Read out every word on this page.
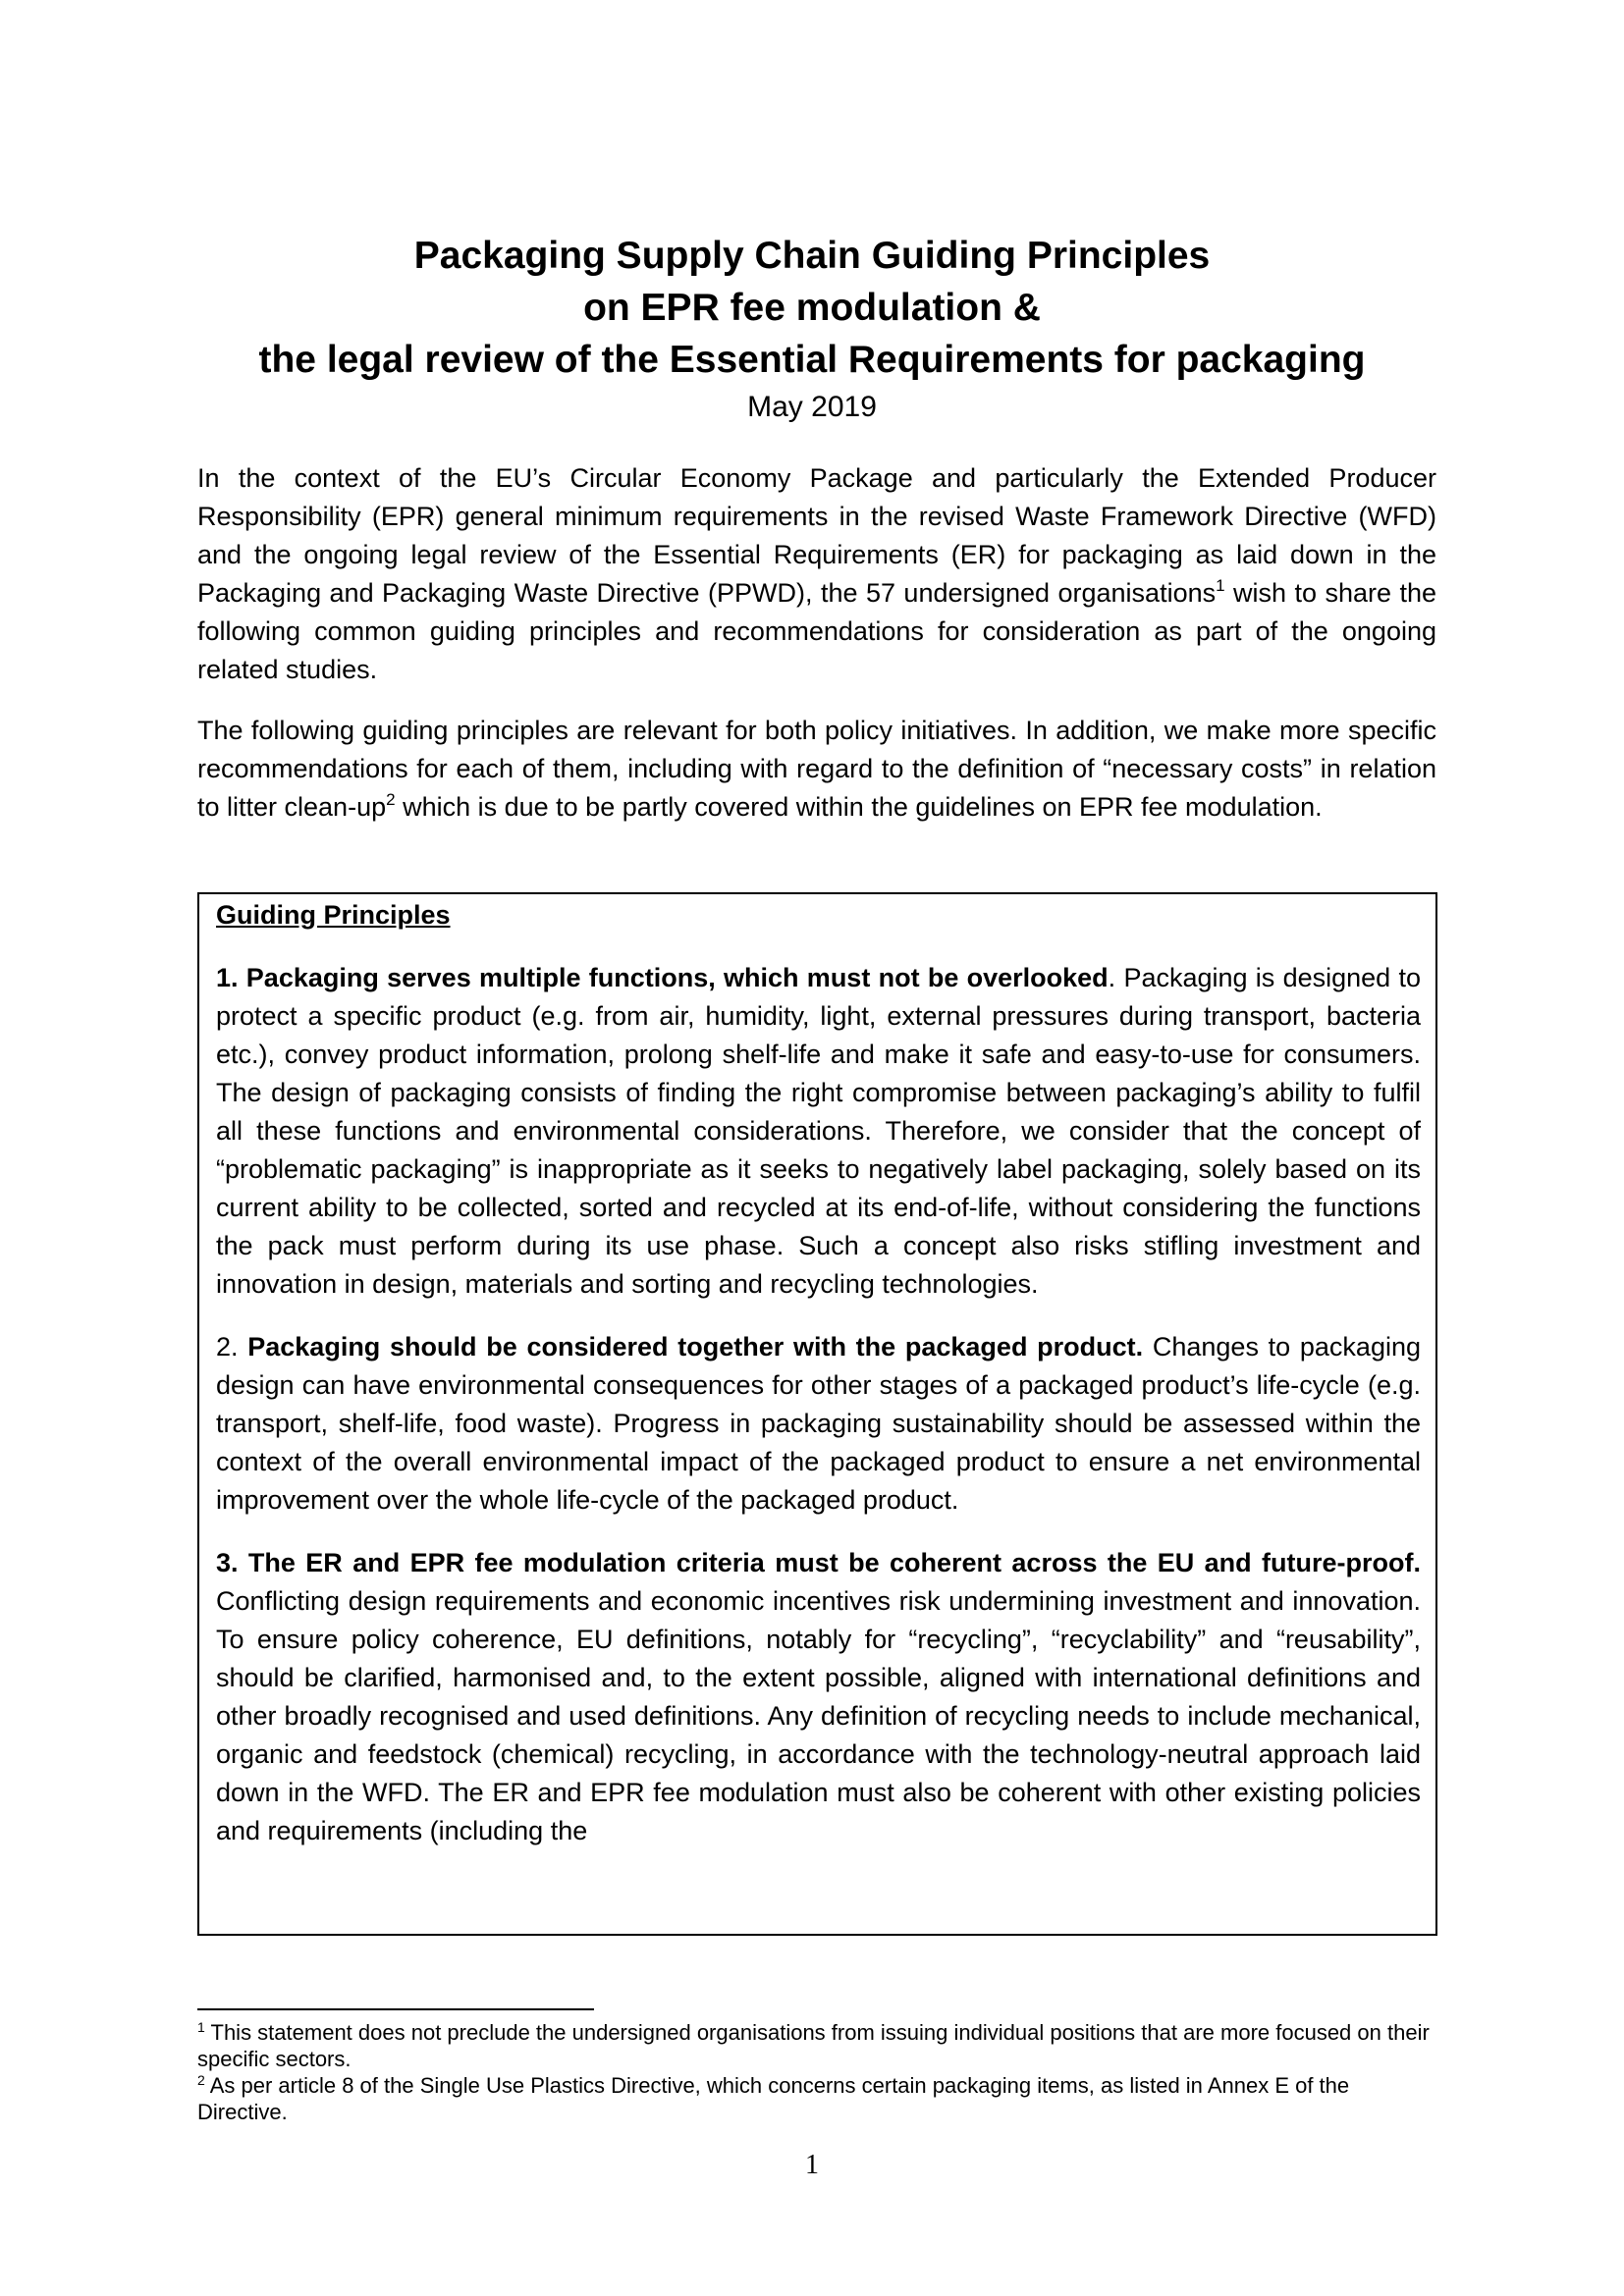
Packaging Supply Chain Guiding Principles
on EPR fee modulation &
the legal review of the Essential Requirements for packaging
May 2019
In the context of the EU’s Circular Economy Package and particularly the Extended Producer Responsibility (EPR) general minimum requirements in the revised Waste Framework Directive (WFD) and the ongoing legal review of the Essential Requirements (ER) for packaging as laid down in the Packaging and Packaging Waste Directive (PPWD), the 57 undersigned organisations$^1$ wish to share the following common guiding principles and recommendations for consideration as part of the ongoing related studies.
The following guiding principles are relevant for both policy initiatives. In addition, we make more specific recommendations for each of them, including with regard to the definition of “necessary costs” in relation to litter clean-$up^2$ which is due to be partly covered within the guidelines on EPR fee modulation.
Guiding Principles
1. Packaging serves multiple functions, which must not be overlooked. Packaging is designed to protect a specific product (e.g. from air, humidity, light, external pressures during transport, bacteria etc.), convey product information, prolong shelf-life and make it safe and easy-to-use for consumers. The design of packaging consists of finding the right compromise between packaging’s ability to fulfil all these functions and environmental considerations. Therefore, we consider that the concept of “problematic packaging” is inappropriate as it seeks to negatively label packaging, solely based on its current ability to be collected, sorted and recycled at its end-of-life, without considering the functions the pack must perform during its use phase. Such a concept also risks stifling investment and innovation in design, materials and sorting and recycling technologies.
2. Packaging should be considered together with the packaged product. Changes to packaging design can have environmental consequences for other stages of a packaged product’s life-cycle (e.g. transport, shelf-life, food waste). Progress in packaging sustainability should be assessed within the context of the overall environmental impact of the packaged product to ensure a net environmental improvement over the whole life-cycle of the packaged product.
3. The ER and EPR fee modulation criteria must be coherent across the EU and future-proof. Conflicting design requirements and economic incentives risk undermining investment and innovation. To ensure policy coherence, EU definitions, notably for “recycling”, “recyclability” and “reusability”, should be clarified, harmonised and, to the extent possible, aligned with international definitions and other broadly recognised and used definitions. Any definition of recycling needs to include mechanical, organic and feedstock (chemical) recycling, in accordance with the technology-neutral approach laid down in the WFD. The ER and EPR fee modulation must also be coherent with other existing policies and requirements (including the

$^1$ This statement does not preclude the undersigned organisations from issuing individual positions that are more focused on their specific sectors.

$^2$ As per article 8 of the Single Use Plastics Directive, which concerns certain packaging items, as listed in Annex E of the Directive.

1
